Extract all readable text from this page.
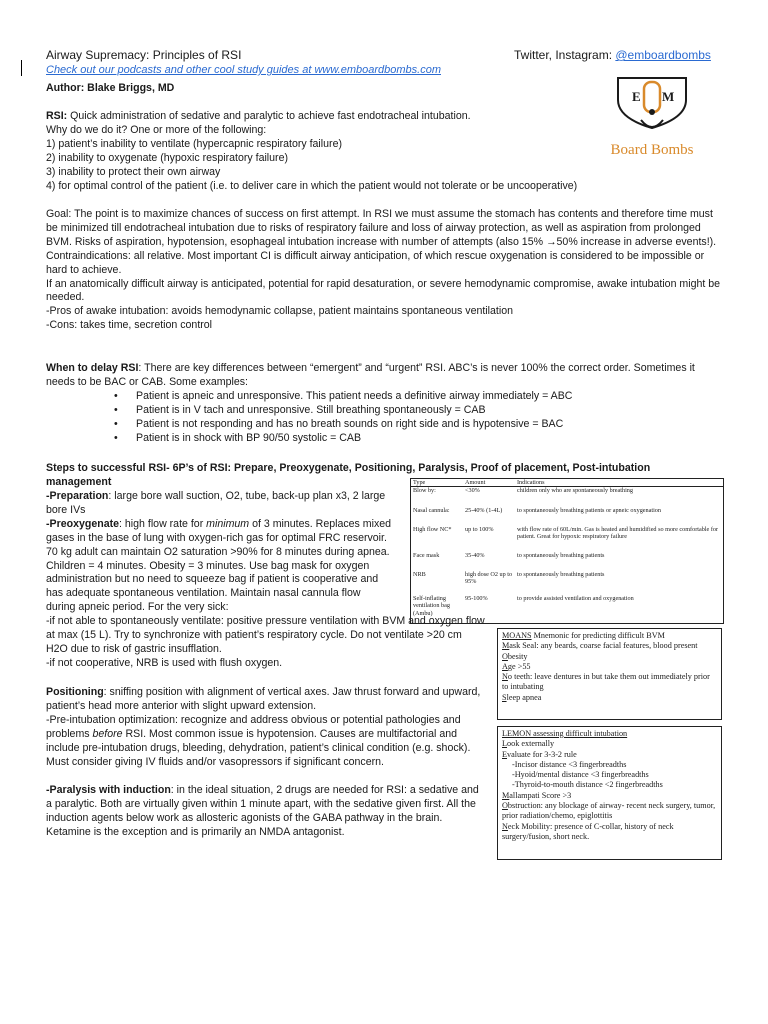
Airway Supremacy: Principles of RSI	Twitter, Instagram: @emboardbombs
Check out our podcasts and other cool study guides at www.emboardbombs.com
Author: Blake Briggs, MD
E M
Board Bombs
RSI: Quick administration of sedative and paralytic to achieve fast endotracheal intubation.
Why do we do it? One or more of the following:
1) patient’s inability to ventilate (hypercapnic respiratory failure)
2) inability to oxygenate (hypoxic respiratory failure)
3) inability to protect their own airway
4) for optimal control of the patient (i.e. to deliver care in which the patient would not tolerate or be uncooperative)
Goal: The point is to maximize chances of success on first attempt. In RSI we must assume the stomach has contents and therefore time must be minimized till endotracheal intubation due to risks of respiratory failure and loss of airway protection, as well as aspiration from prolonged BVM. Risks of aspiration, hypotension, esophageal intubation increase with number of attempts (also 15% →50% increase in adverse events!).
Contraindications: all relative. Most important CI is difficult airway anticipation, of which rescue oxygenation is considered to be impossible or hard to achieve.
If an anatomically difficult airway is anticipated, potential for rapid desaturation, or severe hemodynamic compromise, awake intubation might be needed.
-Pros of awake intubation: avoids hemodynamic collapse, patient maintains spontaneous ventilation
-Cons: takes time, secretion control
When to delay RSI: There are key differences between “emergent” and “urgent” RSI. ABC’s is never 100% the correct order. Sometimes it needs to be BAC or CAB. Some examples:
• Patient is apneic and unresponsive. This patient needs a definitive airway immediately = ABC
• Patient is in V tach and unresponsive. Still breathing spontaneously = CAB
• Patient is not responding and has no breath sounds on right side and is hypotensive = BAC
• Patient is in shock with BP 90/50 systolic = CAB
Steps to successful RSI- 6P’s of RSI: Prepare, Preoxygenate, Positioning, Paralysis, Proof of placement, Post-intubation management
-Preparation: large bore wall suction, O2, tube, back-up plan x3, 2 large bore IVs
-Preoxygenate: high flow rate for minimum of 3 minutes. Replaces mixed gases in the base of lung with oxygen-rich gas for optimal FRC reservoir. 70 kg adult can maintain O2 saturation >90% for 8 minutes during apnea. Children = 4 minutes. Obesity = 3 minutes. Use bag mask for oxygen administration but no need to squeeze bag if patient is cooperative and has adequate spontaneous ventilation. Maintain nasal cannula flow during apneic period. For the very sick:
-if not able to spontaneously ventilate: positive pressure ventilation with BVM and oxygen flow at max (15 L). Try to synchronize with patient’s respiratory cycle. Do not ventilate >20 cm H2O due to risk of gastric insufflation.
-if not cooperative, NRB is used with flush oxygen.
Positioning: sniffing position with alignment of vertical axes. Jaw thrust forward and upward, patient’s head more anterior with slight upward extension.
-Pre-intubation optimization: recognize and address obvious or potential pathologies and problems before RSI. Most common issue is hypotension. Causes are multifactorial and include pre-intubation drugs, bleeding, dehydration, patient’s clinical condition (e.g. shock). Must consider giving IV fluids and/or vasopressors if significant concern.
-Paralysis with induction: in the ideal situation, 2 drugs are needed for RSI: a sedative and a paralytic. Both are virtually given within 1 minute apart, with the sedative given first. All the induction agents below work as allosteric agonists of the GABA pathway in the brain. Ketamine is the exception and is primarily an NMDA antagonist.
Type	Amount	Indications
Blow by:	<30%	children only who are spontaneously breathing
Nasal cannula:	25-40% (1-4L)	to spontaneously breathing patients or apneic oxygenation
High flow NC*	up to 100%	with flow rate of 60L/min. Gas is heated and humidified so more comfortable for patient. Great for hypoxic respiratory failure
Face mask	35-40%	to spontaneously breathing patients
NRB	high dose O2 up to 95%	to spontaneously breathing patients
Self-inflating ventilation bag (Ambu)	95-100%	to provide assisted ventilation and oxygenation
MOANS Mnemonic for predicting difficult BVM
Mask Seal: any beards, coarse facial features, blood present
Obesity
Age >55
No teeth: leave dentures in but take them out immediately prior to intubating
Sleep apnea
LEMON assessing difficult intubation
Look externally
Evaluate for 3-3-2 rule
-Incisor distance <3 fingerbreadths
-Hyoid/mental distance <3 fingerbreadths
-Thyroid-to-mouth distance <2 fingerbreadths
Mallampati Score >3
Obstruction: any blockage of airway- recent neck surgery, tumor, prior radiation/chemo, epiglottitis
Neck Mobility: presence of C-collar, history of neck surgery/fusion, short neck.
